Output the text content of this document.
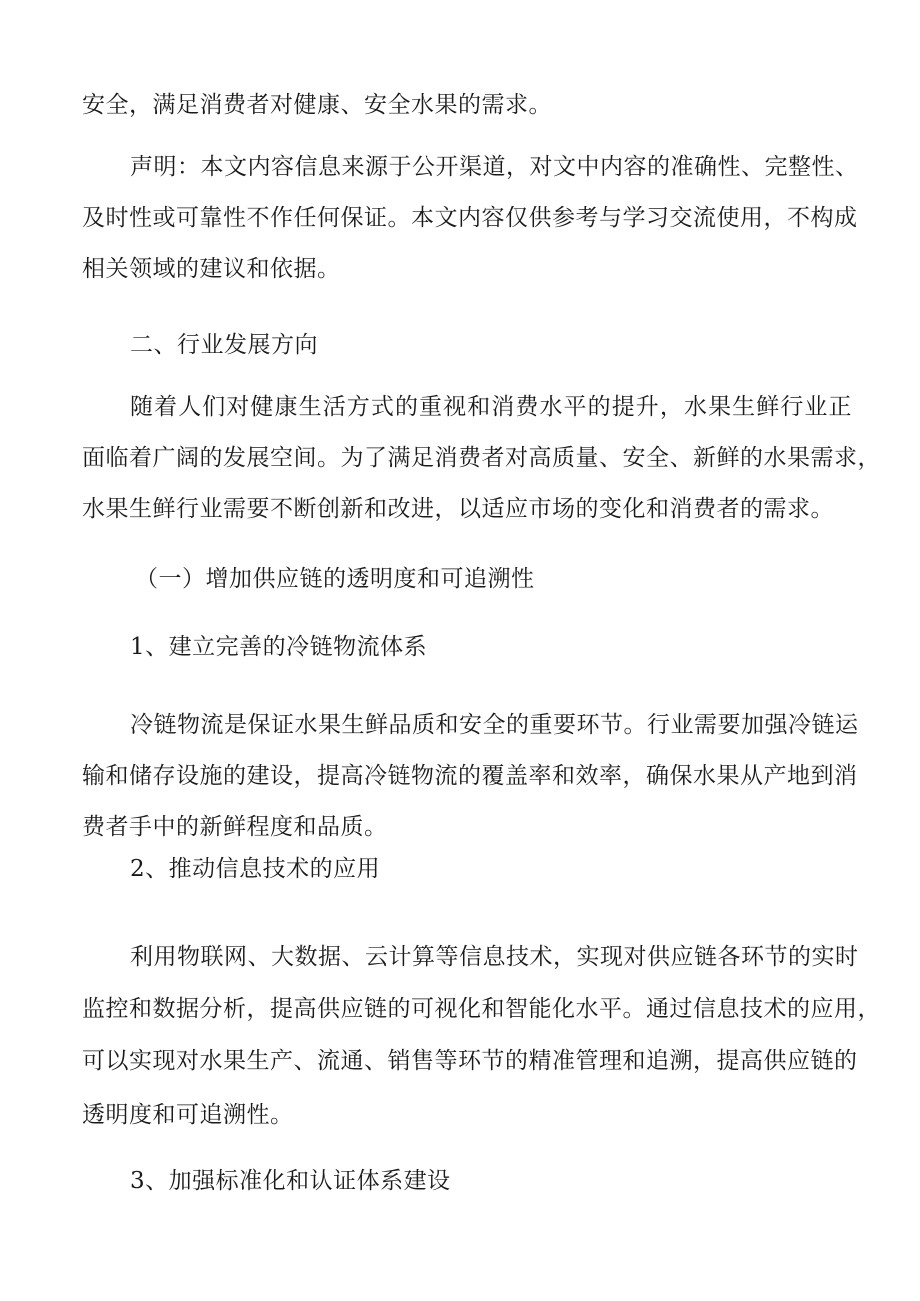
安全，满足消费者对健康、安全水果的需求。
声明：本文内容信息来源于公开渠道，对文中内容的准确性、完整性、
及时性或可靠性不作任何保证。本文内容仅供参考与学习交流使用，不构成
相关领域的建议和依据。
二、行业发展方向
随着人们对健康生活方式的重视和消费水平的提升，水果生鲜行业正
面临着广阔的发展空间。为了满足消费者对高质量、安全、新鲜的水果需求，
水果生鲜行业需要不断创新和改进，以适应市场的变化和消费者的需求。
（一）增加供应链的透明度和可追溯性
1、建立完善的冷链物流体系
冷链物流是保证水果生鲜品质和安全的重要环节。行业需要加强冷链运
输和储存设施的建设，提高冷链物流的覆盖率和效率，确保水果从产地到消
费者手中的新鲜程度和品质。
2、推动信息技术的应用
利用物联网、大数据、云计算等信息技术，实现对供应链各环节的实时
监控和数据分析，提高供应链的可视化和智能化水平。通过信息技术的应用，
可以实现对水果生产、流通、销售等环节的精准管理和追溯，提高供应链的
透明度和可追溯性。
3、加强标准化和认证体系建设
